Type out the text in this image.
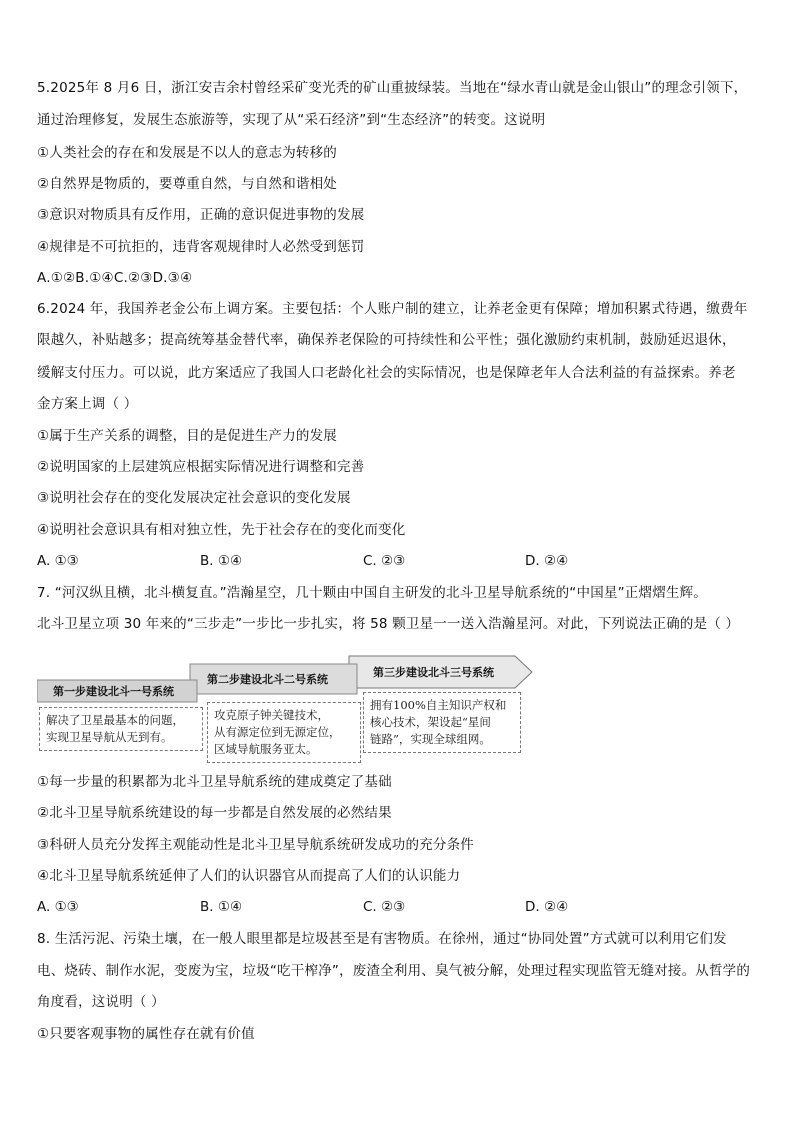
5.2025年 8 月6 日，浙江安吉余村曾经采矿变光秃的矿山重披绿装。当地在“绿水青山就是金山银山”的理念引领下，
通过治理修复，发展生态旅游等，实现了从“采石经济”到“生态经济”的转变。这说明
①人类社会的存在和发展是不以人的意志为转移的
②自然界是物质的，要尊重自然，与自然和谐相处
③意识对物质具有反作用，正确的意识促进事物的发展
④规律是不可抗拒的，违背客观规律时人必然受到惩罚
A.①②B.①④C.②③D.③④
6.2024 年，我国养老金公布上调方案。主要包括：个人账户制的建立，让养老金更有保障；增加积累式待遇，缴费年
限越久，补贴越多；提高统筹基金替代率，确保养老保险的可持续性和公平性；强化激励约束机制，鼓励延迟退休，
缓解支付压力。可以说，此方案适应了我国人口老龄化社会的实际情况，也是保障老年人合法利益的有益探索。养老
金方案上调（ ）
①属于生产关系的调整，目的是促进生产力的发展
②说明国家的上层建筑应根据实际情况进行调整和完善
③说明社会存在的变化发展决定社会意识的变化发展
④说明社会意识具有相对独立性，先于社会存在的变化而变化
A. ①③	B. ①④	C. ②③	D. ②④
7. “河汉纵且横，北斗横复直。”浩瀚星空，几十颗由中国自主研发的北斗卫星导航系统的“中国星”正熠熠生辉。
北斗卫星立项 30 年来的“三步走”一步比一步扎实，将 58 颗卫星一一送入浩瀚星河。对此，下列说法正确的是（ ）
第一步建设北斗一号系统
第二步建设北斗二号系统
第三步建设北斗三号系统
解决了卫星最基本的问题，
实现卫星导航从无到有。
攻克原子钟关键技术，
从有源定位到无源定位，
区域导航服务亚太。
拥有100%自主知识产权和
核心技术，架设起“星间
链路”，实现全球组网。
①每一步量的积累都为北斗卫星导航系统的建成奠定了基础
②北斗卫星导航系统建设的每一步都是自然发展的必然结果
③科研人员充分发挥主观能动性是北斗卫星导航系统研发成功的充分条件
④北斗卫星导航系统延伸了人们的认识器官从而提高了人们的认识能力
A. ①③	B. ①④	C. ②③	D. ②④
8. 生活污泥、污染土壤，在一般人眼里都是垃圾甚至是有害物质。在徐州，通过“协同处置”方式就可以利用它们发
电、烧砖、制作水泥，变废为宝，垃圾“吃干榨净”，废渣全利用、臭气被分解，处理过程实现监管无缝对接。从哲学的
角度看，这说明（ ）
①只要客观事物的属性存在就有价值
